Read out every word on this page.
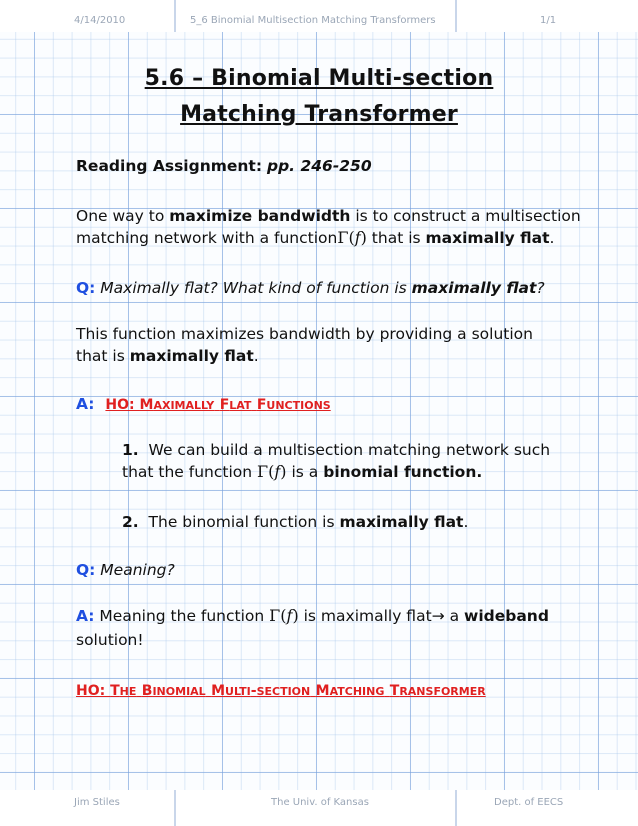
4/14/2010	5_6 Binomial Multisection Matching Transformers	1/1
5.6 – Binomial Multi-section
Matching Transformer
Reading Assignment: pp. 246-250
One way to maximize bandwidth is to construct a multisection
matching network with a functionΓ(f) that is maximally flat.
Q: Maximally flat? What kind of function is maximally flat?
This function maximizes bandwidth by providing a solution
that is maximally flat.
A: HO: MAXIMALLY FLAT FUNCTIONS
1. We can build a multisection matching network such
that the function Γ(f) is a binomial function.
2. The binomial function is maximally flat.
Q: Meaning?
A: Meaning the function Γ(f) is maximally flat→ a wideband
solution!
HO: THE BINOMIAL MULTI-SECTION MATCHING TRANSFORMER
Jim Stiles	The Univ. of Kansas	Dept. of EECS
